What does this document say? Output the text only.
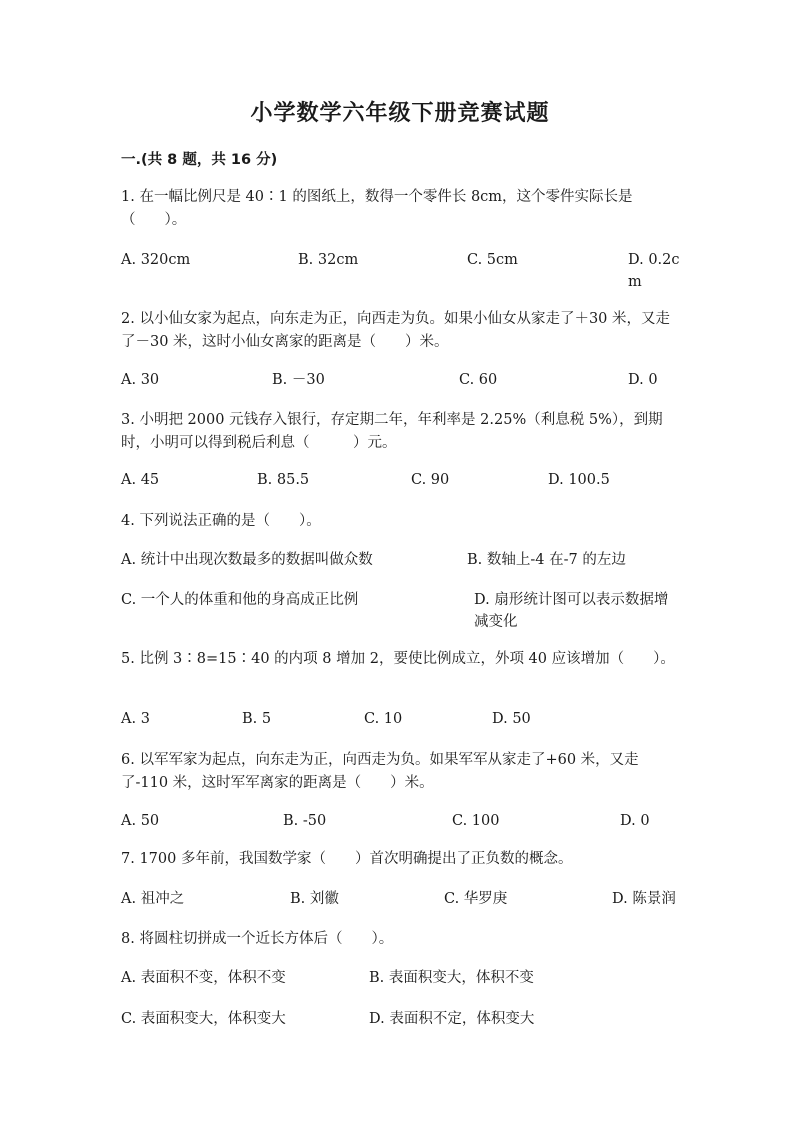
小学数学六年级下册竞赛试题
一.(共 8 题，共 16 分)
1. 在一幅比例尺是 40∶1 的图纸上，数得一个零件长 8cm，这个零件实际长是（　　）。
A. 320cm	B. 32cm	C. 5cm	D. 0.2cm
2. 以小仙女家为起点，向东走为正，向西走为负。如果小仙女从家走了＋30 米，又走了－30 米，这时小仙女离家的距离是（　　）米。
A. 30	B. －30	C. 60	D. 0
3. 小明把 2000 元钱存入银行，存定期二年，年利率是 2.25%（利息税 5%），到期时，小明可以得到税后利息（　　　）元。
A. 45	B. 85.5	C. 90	D. 100.5
4. 下列说法正确的是（　　）。
A. 统计中出现次数最多的数据叫做众数	B. 数轴上-4 在-7 的左边
C. 一个人的体重和他的身高成正比例	D. 扇形统计图可以表示数据增减变化
5. 比例 3∶8=15∶40 的内项 8 增加 2，要使比例成立，外项 40 应该增加（　　）。
A. 3	B. 5	C. 10	D. 50
6. 以军军家为起点，向东走为正，向西走为负。如果军军从家走了+60 米，又走了-110 米，这时军军离家的距离是（　　）米。
A. 50	B. -50	C. 100	D. 0
7. 1700 多年前，我国数学家（　　）首次明确提出了正负数的概念。
A. 祖冲之	B. 刘徽	C. 华罗庚	D. 陈景润
8. 将圆柱切拼成一个近长方体后（　　）。
A. 表面积不变，体积不变	B. 表面积变大，体积不变
C. 表面积变大，体积变大	D. 表面积不定，体积变大
